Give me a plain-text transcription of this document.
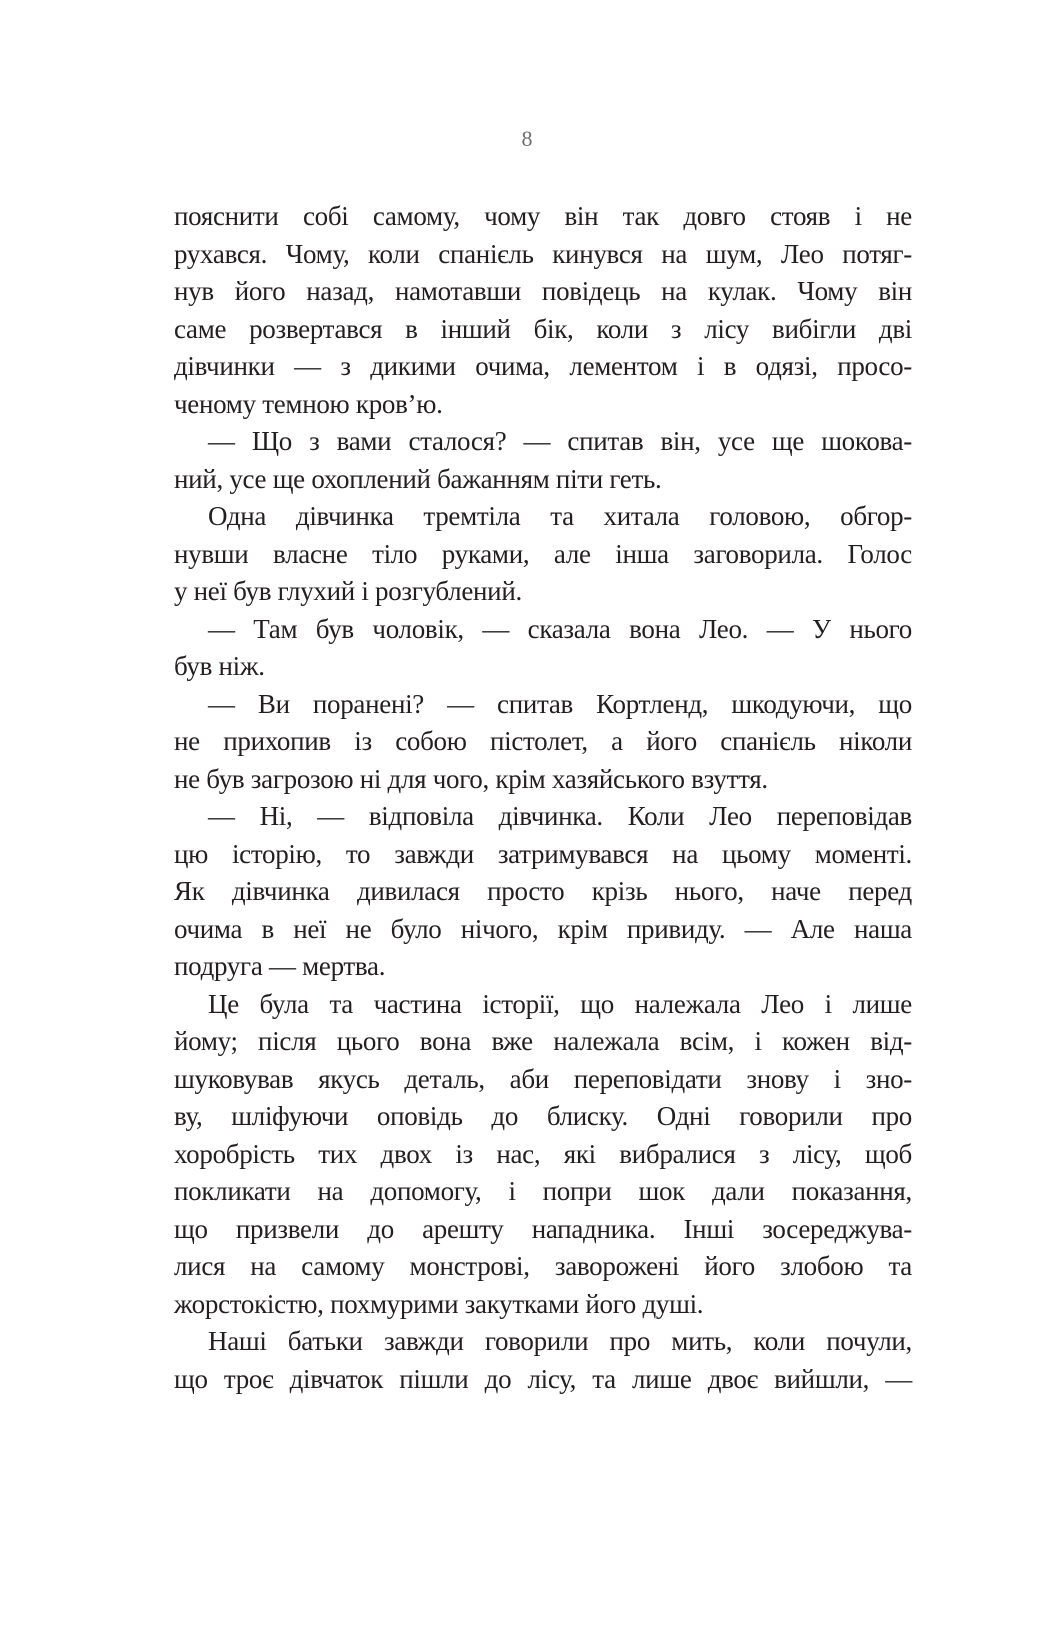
8
пояснити собі самому, чому він так довго стояв і не
рухався. Чому, коли спанієль кинувся на шум, Лео потяг-
нув його назад, намотавши повідець на кулак. Чому він
саме розвертався в інший бік, коли з лісу вибігли дві
дівчинки — з дикими очима, лементом і в одязі, просо-
ченому темною кров’ю.
— Що з вами сталося? — спитав він, усе ще шокова-
ний, усе ще охоплений бажанням піти геть.
Одна дівчинка тремтіла та хитала головою, обгор-
нувши власне тіло руками, але інша заговорила. Голос
у неї був глухий і розгублений.
— Там був чоловік, — сказала вона Лео. — У нього
був ніж.
— Ви поранені? — спитав Кортленд, шкодуючи, що
не прихопив із собою пістолет, а його спанієль ніколи
не був загрозою ні для чого, крім хазяйського взуття.
— Ні, — відповіла дівчинка. Коли Лео переповідав
цю історію, то завжди затримувався на цьому моменті.
Як дівчинка дивилася просто крізь нього, наче перед
очима в неї не було нічого, крім привиду. — Але наша
подруга — мертва.
Це була та частина історії, що належала Лео і лише
йому; після цього вона вже належала всім, і кожен від-
шуковував якусь деталь, аби переповідати знову і зно-
ву, шліфуючи оповідь до блиску. Одні говорили про
хоробрість тих двох із нас, які вибралися з лісу, щоб
покликати на допомогу, і попри шок дали показання,
що призвели до арешту нападника. Інші зосереджува-
лися на самому монстрові, заворожені його злобою та
жорстокістю, похмурими закутками його душі.
Наші батьки завжди говорили про мить, коли почули,
що троє дівчаток пішли до лісу, та лише двоє вийшли, —
